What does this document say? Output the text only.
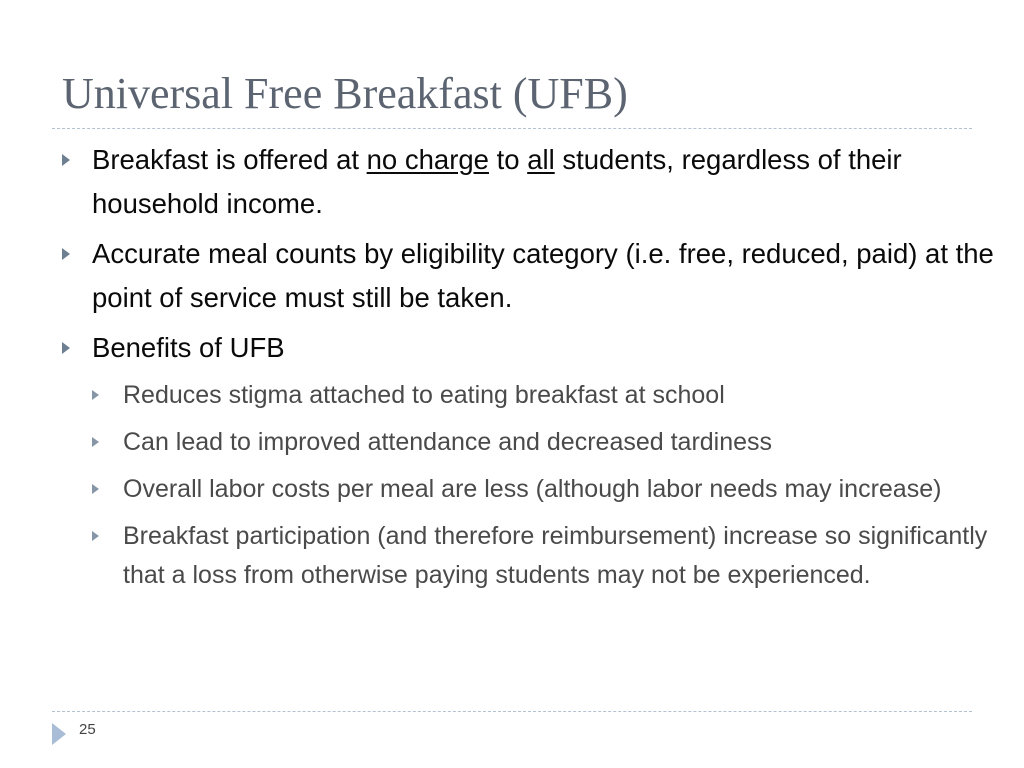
Universal Free Breakfast (UFB)
Breakfast is offered at no charge to all students, regardless of their household income.
Accurate meal counts by eligibility category (i.e. free, reduced, paid) at the point of service must still be taken.
Benefits of UFB
Reduces stigma attached to eating breakfast at school
Can lead to improved attendance and decreased tardiness
Overall labor costs per meal are less (although labor needs may increase)
Breakfast participation (and therefore reimbursement) increase so significantly that a loss from otherwise paying students may not be experienced.
25
